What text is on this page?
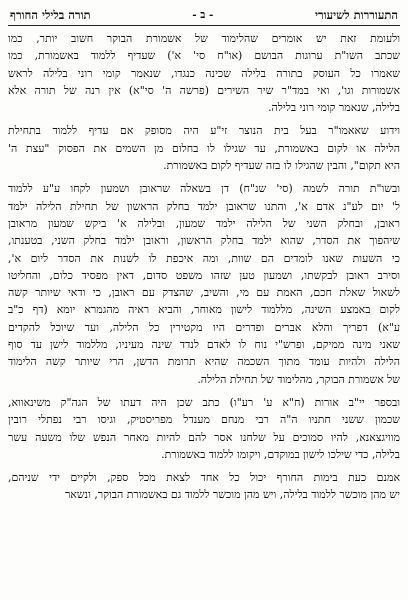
התעוררות לשיעורי
- ב -
תורה בלילי החורף
ולעומת זאת יש אומרים שהלימוד של אשמורת הבוקר חשוב יותר, כמו
שכתב השו"ת ערוגות הבושם (או"ח סי' א') שעדיף ללמוד באשמורת, כמו
שאמרו כל העוסק בתורה בלילה שכינה כנגדו, שנאמר קומי רוני בלילה לראש
אשמורות וגו', ואי במד"ר שיר השירים (פרשה ה' סי"א) אין רנה של תורה אלא
בלילה, שנאמר קומי רוני בלילה.
וידוע שאאמו"ר בעל בית הנוצר זי"ע היה מסופק אם עדיף ללמוד בתחילת
הלילה או לקום באשמורת, עד שגילו לו בחלום מן השמים את הפסוק "עצת ה'
היא תקום", והבין שהגילו לו בזה שעדיף לקום באשמורת.
ובשו"ת תורה לשמה (סי' שנ"ח) דן בשאלה שראובן ושמעון לקחו ע"ע ללמוד
ל' יום לע"נ אדם א', והתנו שראובן ילמד בחלק הראשון של תחילת הלילה ילמד
ראובן, ובחלק השני של הלילה ילמד שמעון, ובלילה א' ביקש שמעון מראובן
שיהפוך את הסדר, שהוא ילמד בחלק הראשון, וראובן ילמד בחלק השני, בטענתו,
כי השעות שאנו לומדים הם שוות, ומה איכפת לו לשנות את הסדר ליום א',
וסירב ראובן לבקשתו, ושמעון טען שזהו משפט סדום, דאין מפסיד כלום, והחליטו
לשאול שאלת חכם, האמת עם מי, והשיב, שהצדק עם ראובן, כי ודאי שיותר קשה
לקום באמצע השינה, מללמוד לישון מאוחר, והביא ראיה מהגמרא יומא (דף כ"ב
ע"א) דפריך והלא אברים ופדרים היו מקטירין כל הלילה, ועד שיוכל להקדים
שאני מינה ממיקם, ופרש"י נוח לו לאדם לנדד שינה מעיניו, מללמוד לישן עד סוף
הלילה ולהיות עומד מתוך השכמה שהיא תרומת הדשן, הרי שיותר קשה הלימוד
של אשמורת הבוקר, מהלימוד של תחילת הלילה.
ובספר יי"ב אורות (ח"א ע' רע"ו) כתב שכן היה דעתו של הגה"ק משינאווא,
שכמון ששני חתניו ה"ה רבי מנחם מענדל מפריסטיק, וגיסו רבי נפתלי רובין
מוויגצאנא, להיו סמוכים על שלחנו אסר להם להיות מאחר הנפש שלו משעה עשר
בלילה, כדי שילכו לישון במוקדם, ויקומו ללמוד באשמורת.
אמנם כעת בימות החורף יכול כל אחד לצאת מכל ספק, ולקיים ידי שניהם,
יש מהן מוכשר ללמוד בלילה, ויש מהן מוכשר ללמוד גם באשמורת הבוקר, ונשאר
